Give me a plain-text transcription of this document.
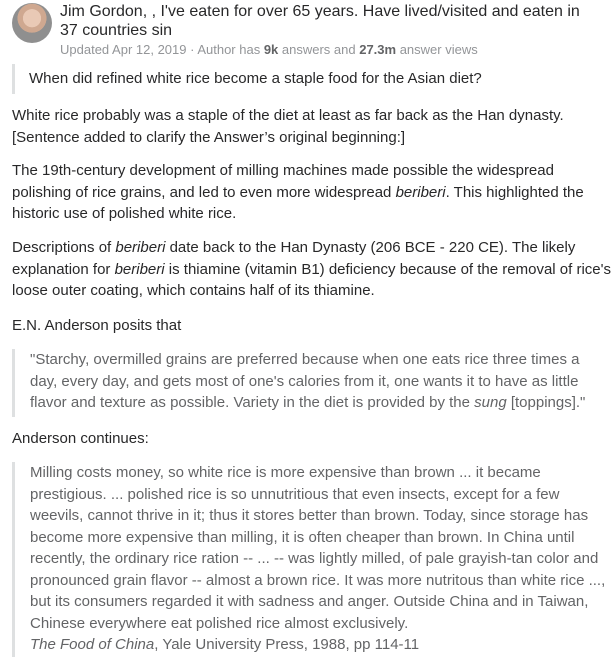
Jim Gordon, , I've eaten for over 65 years. Have lived/visited and eaten in 37 countries sin
Updated Apr 12, 2019 · Author has 9k answers and 27.3m answer views
When did refined white rice become a staple food for the Asian diet?

White rice probably was a staple of the diet at least as far back as the Han dynasty. [Sentence added to clarify the Answer’s original beginning:]

The 19th-century development of milling machines made possible the widespread polishing of rice grains, and led to even more widespread beriberi. This highlighted the historic use of polished white rice.

Descriptions of beriberi date back to the Han Dynasty (206 BCE - 220 CE). The likely explanation for beriberi is thiamine (vitamin B1) deficiency because of the removal of rice's loose outer coating, which contains half of its thiamine.

E.N. Anderson posits that

"Starchy, overmilled grains are preferred because when one eats rice three times a day, every day, and gets most of one's calories from it, one wants it to have as little flavor and texture as possible. Variety in the diet is provided by the sung [toppings]."

Anderson continues:

Milling costs money, so white rice is more expensive than brown ... it became prestigious. ... polished rice is so unnutritious that even insects, except for a few weevils, cannot thrive in it; thus it stores better than brown. Today, since storage has become more expensive than milling, it is often cheaper than brown. In China until recently, the ordinary rice ration -- ... -- was lightly milled, of pale grayish-tan color and pronounced grain flavor -- almost a brown rice. It was more nutritous than white rice ..., but its consumers regarded it with sadness and anger. Outside China and in Taiwan, Chinese everywhere eat polished rice almost exclusively.
The Food of China, Yale University Press, 1988, pp 114-11
